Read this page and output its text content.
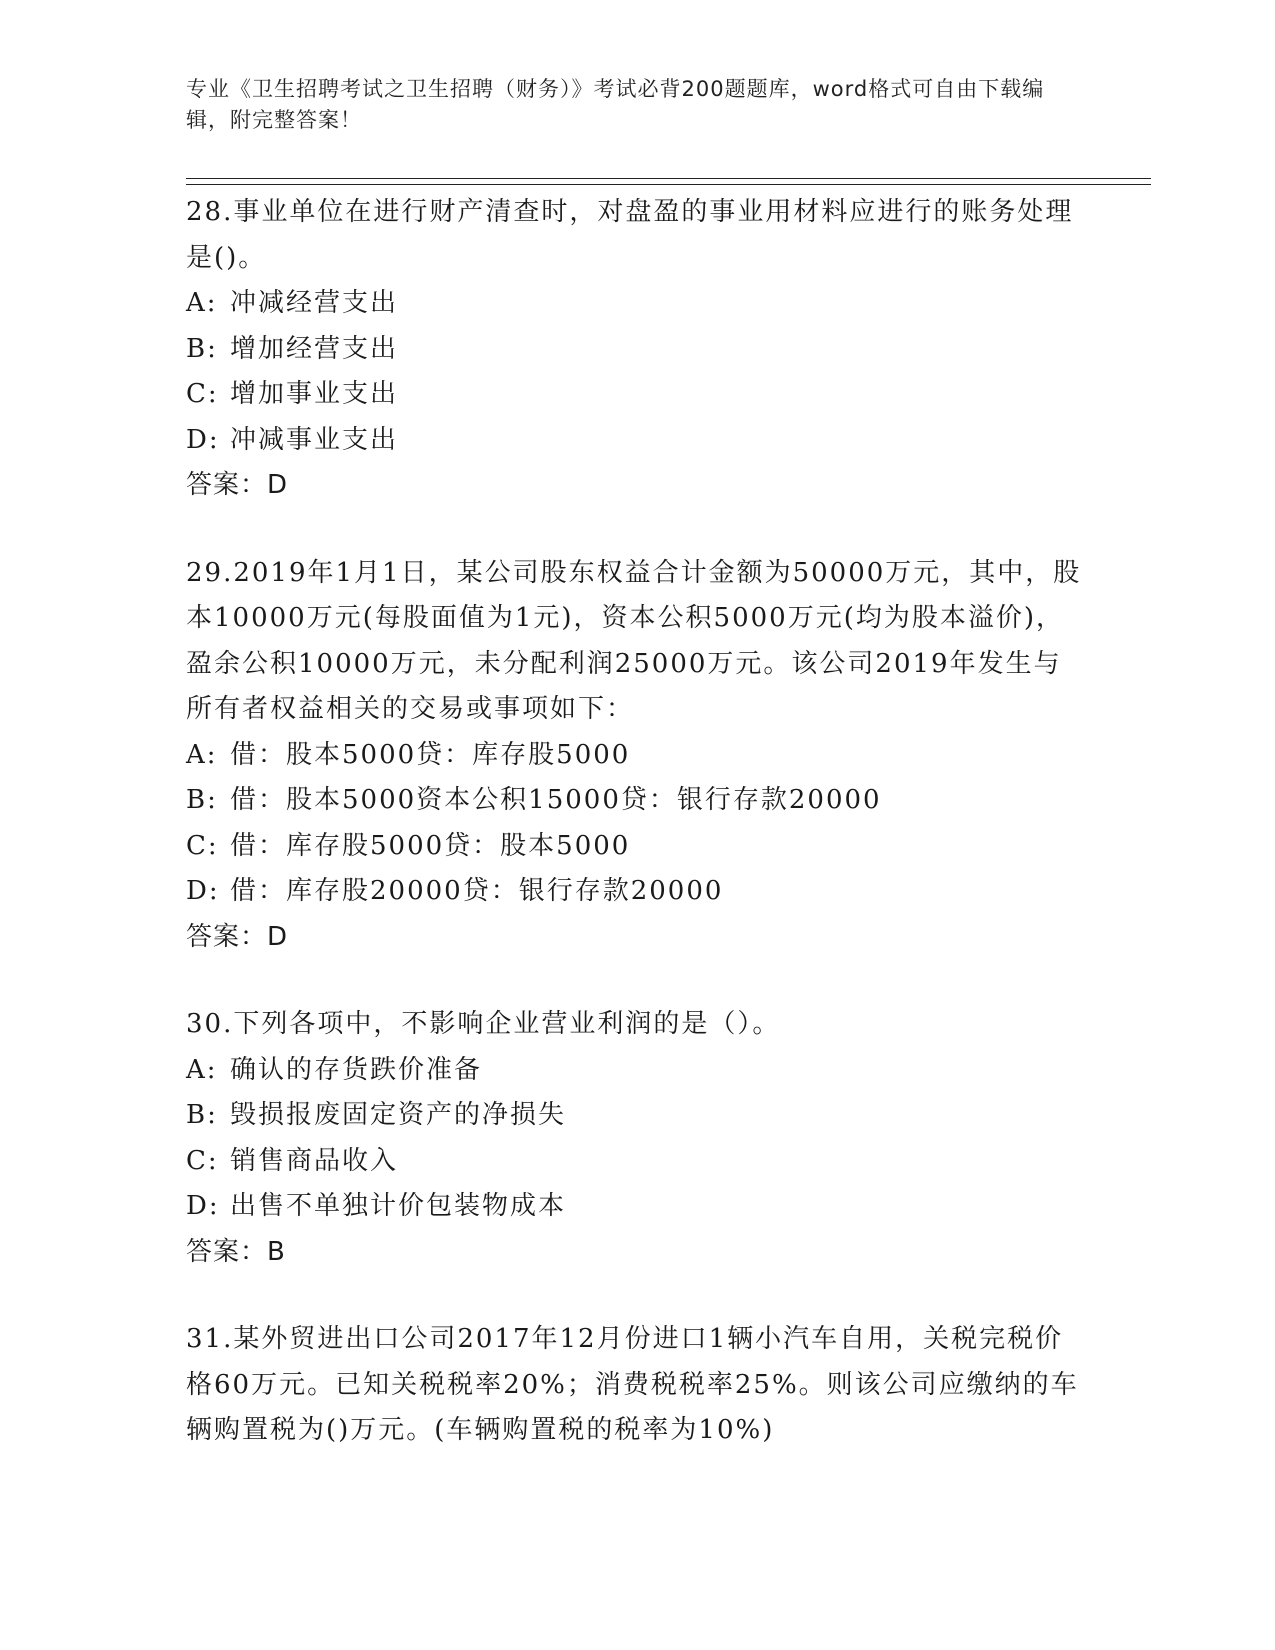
专业《卫生招聘考试之卫生招聘（财务）》考试必背200题题库，word格式可自由下载编辑，附完整答案！

28.事业单位在进行财产清查时，对盘盈的事业用材料应进行的账务处理是()。

A: 冲减经营支出

B: 增加经营支出

C: 增加事业支出

D: 冲减事业支出

答案：D

29.2019年1月1日，某公司股东权益合计金额为50000万元，其中，股本10000万元(每股面值为1元)，资本公积5000万元(均为股本溢价)，盈余公积10000万元，未分配利润25000万元。该公司2019年发生与所有者权益相关的交易或事项如下：

A: 借：股本5000贷：库存股5000

B: 借：股本5000资本公积15000贷：银行存款20000

C: 借：库存股5000贷：股本5000

D: 借：库存股20000贷：银行存款20000

答案：D

30.下列各项中，不影响企业营业利润的是（）。

A: 确认的存货跌价准备

B: 毁损报废固定资产的净损失

C: 销售商品收入

D: 出售不单独计价包装物成本

答案：B

31.某外贸进出口公司2017年12月份进口1辆小汽车自用，关税完税价格60万元。已知关税税率20%；消费税税率25%。则该公司应缴纳的车辆购置税为()万元。(车辆购置税的税率为10%)
